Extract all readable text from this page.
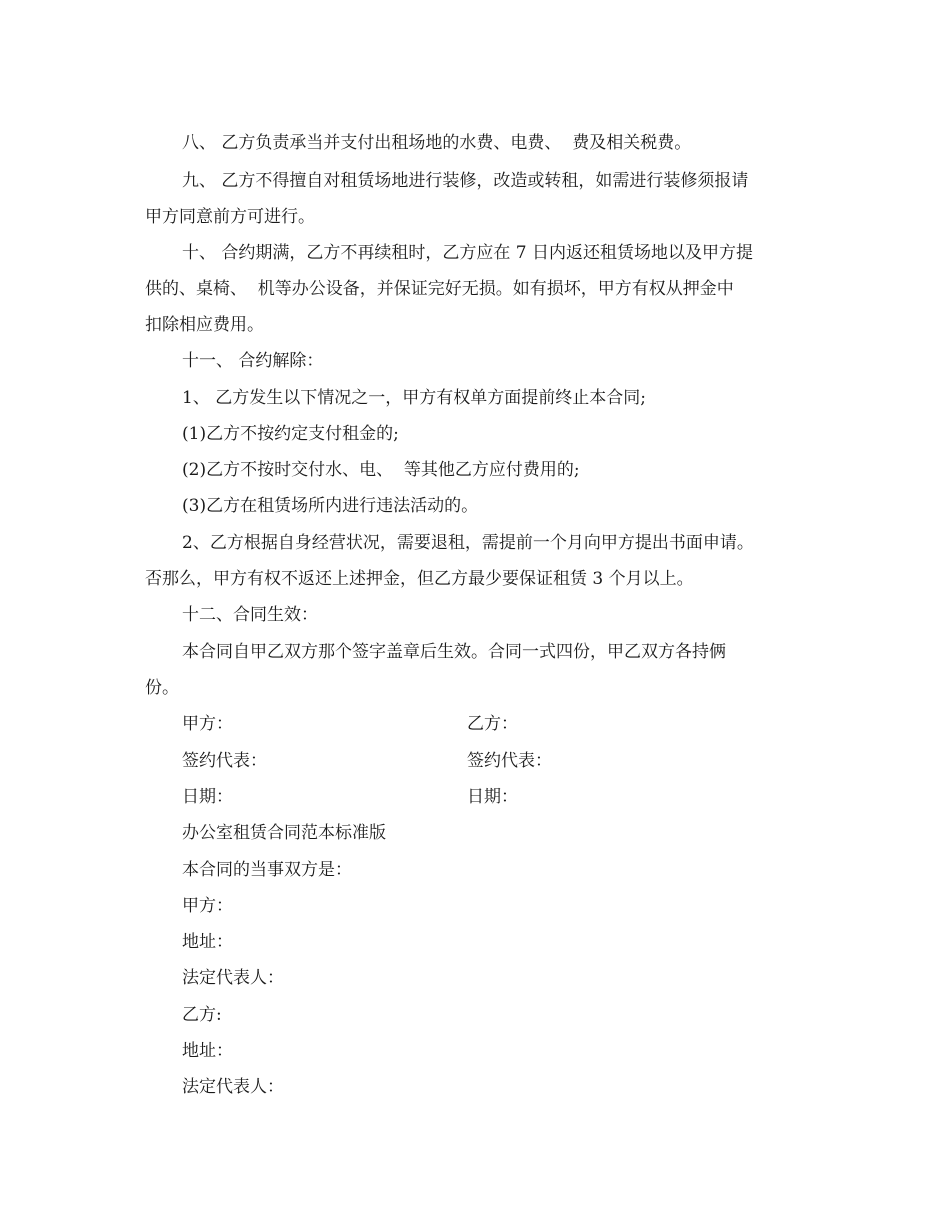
八、 乙方负责承当并支付出租场地的水费、电费、  费及相关税费。
九、 乙方不得擅自对租赁场地进行装修，改造或转租，如需进行装修须报请
甲方同意前方可进行。
十、 合约期满，乙方不再续租时，乙方应在 7 日内返还租赁场地以及甲方提
供的、桌椅、  机等办公设备，并保证完好无损。如有损坏，甲方有权从押金中
扣除相应费用。
十一、 合约解除：
1、 乙方发生以下情况之一，甲方有权单方面提前终止本合同;
(1)乙方不按约定支付租金的;
(2)乙方不按时交付水、电、  等其他乙方应付费用的;
(3)乙方在租赁场所内进行违法活动的。
2、乙方根据自身经营状况，需要退租，需提前一个月向甲方提出书面申请。
否那么，甲方有权不返还上述押金，但乙方最少要保证租赁 3 个月以上。
十二、合同生效：
本合同自甲乙双方那个签字盖章后生效。合同一式四份，甲乙双方各持俩
份。
甲方：	乙方：
签约代表：	签约代表：
日期：	日期：
办公室租赁合同范本标准版
本合同的当事双方是：
甲方：
地址：
法定代表人：
乙方:
地址：
法定代表人：
